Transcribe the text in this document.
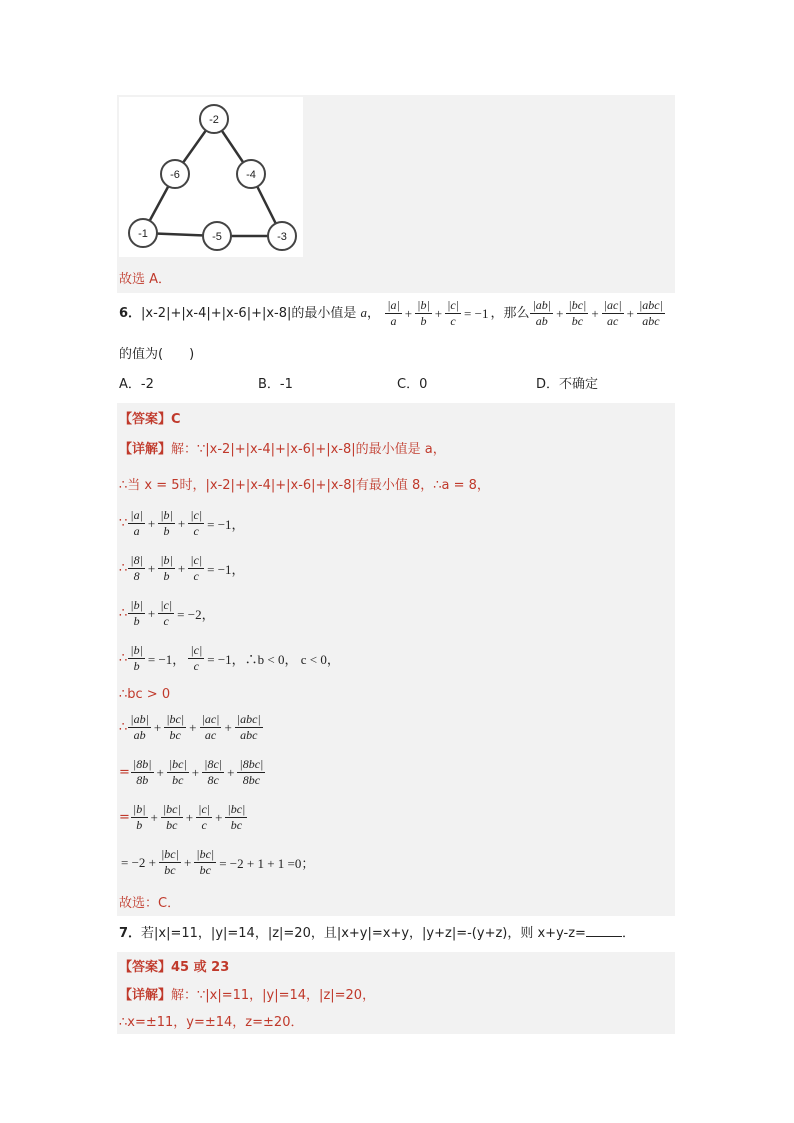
-2
-6	-4
-1	-5	-3
故选 A．
6．|x-2|+|x-4|+|x-6|+|x-8|的最小值是 a， $\frac{|a|}{a} + \frac{|b|}{b} + \frac{|c|}{c} = -1$ ，那么 $\frac{|ab|}{ab} + \frac{|bc|}{bc} + \frac{|ac|}{ac} + \frac{\text{|abc|}}{\text{abc}}$
的值为(　　)
A．-2	B．-1	C．0	D．不确定
【答案】C
【详解】解：∵|x-2|+|x-4|+|x-6|+|x-8|的最小值是 a，
∴当 x = 5时，|x-2|+|x-4|+|x-6|+|x-8|有最小值 8，∴a = 8，
∵ $\frac{|a|}{a} + \frac{|b|}{b} + \frac{|c|}{c} = -1$，
∴ $\frac{|8|}{8} + \frac{|b|}{b} + \frac{|c|}{c} = -1$，
∴ $\frac{|b|}{b} + \frac{|c|}{c} = -2$，
∴ $\frac{|b|}{b} = -1$， $\frac{|c|}{c} = -1$，∴b < 0， c < 0，
∴bc > 0
∴ $\frac{|ab|}{ab} + \frac{|bc|}{bc} + \frac{|ac|}{ac} + \frac{\text{|abc|}}{\text{abc}}$
= $\frac{|8b|}{8b} + \frac{|bc|}{bc} + \frac{|8c|}{8c} + \frac{|8bc|}{8bc}$
= $\frac{|b|}{b} + \frac{|bc|}{bc} + \frac{|c|}{c} + \frac{|bc|}{bc}$
= $-2 + \frac{|bc|}{bc} + \frac{|bc|}{bc} = -2 + 1 + 1 =0$；
故选：C．
7．若|x|=11，|y|=14，|z|=20，且|x+y|=x+y，|y+z|=-(y+z)，则 x+y-z=	．
【答案】45 或 23
【详解】解：∵|x|=11，|y|=14，|z|=20，
∴x=±11，y=±14，z=±20．
